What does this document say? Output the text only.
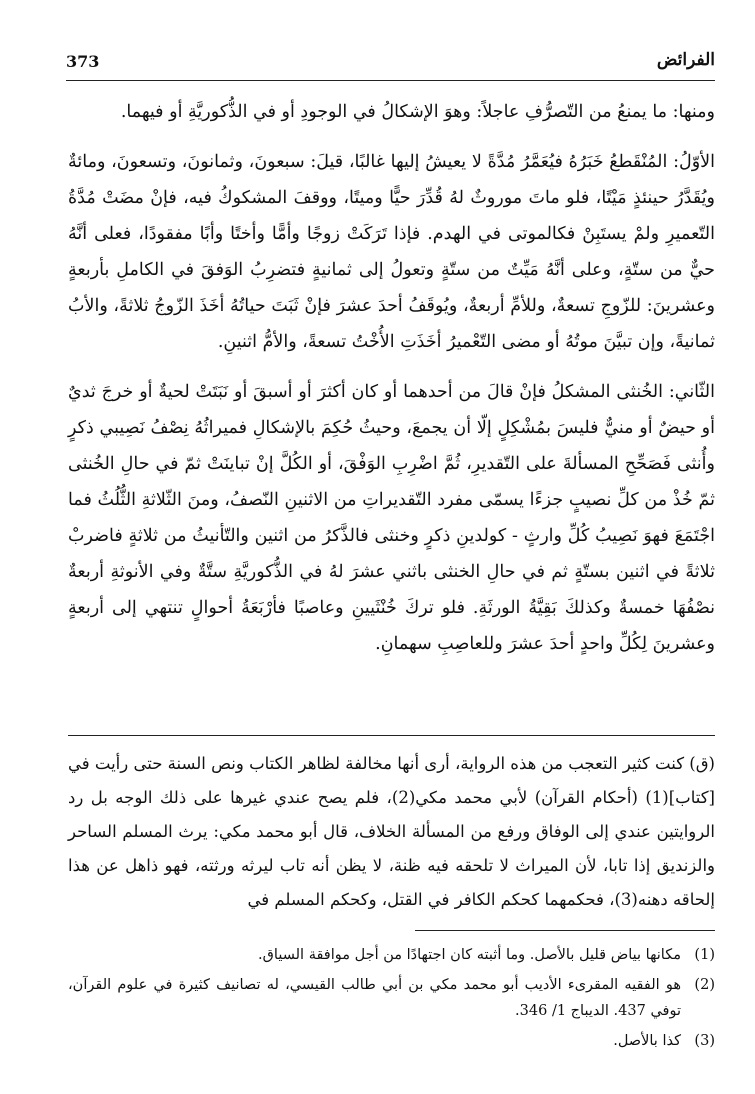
373	الفرائض

ومنها: ما يمنعُ من التّصرُّفِ عاجلاً: وهوَ الإشكالُ في الوجودِ أو في الذُّكوريَّةِ أو فيهما.

الأوّلُ: المُنْقَطعُ خَبَرُهُ فيُعَمَّرُ مُدَّةً لا يعيشُ إليها غالبًا، قيلَ: سبعونَ، وثمانونَ، وتسعونَ، ومائةٌ ويُقَدَّرُ حينئذٍ مَيْتًا، فلو ماتَ موروثٌ لهُ قُدِّرَ حيًّا وميتًا، ووقفَ المشكوكُ فيه، فإنْ مضَتْ مُدَّةُ التّعميرِ ولمْ يستَبِنْ فكالموتى في الهدم. فإذا تَرَكَتْ زوجًا وأمًّا وأختًا وأبًا مفقودًا، فعلى أنَّهُ حيٌّ من ستّةٍ، وعلى أنَّهُ مَيِّتٌ من ستّةٍ وتعولُ إلى ثمانيةٍ فتضرِبُ الوَفقَ في الكاملِ بأربعةٍ وعشرينَ: للزّوجِ تسعةٌ، وللأمِّ أربعةٌ، ويُوقَفُ أحدَ عشرَ فإنْ ثَبَتَ حياتُهُ أخَذَ الزّوجُ ثلاثةً، والأبُ ثمانيةً، وإن تبيَّنَ موتُهُ أو مضى التّعْميرُ أخَذَتِ الأُخْتُ تسعةً، والأمُّ اثنينِ.

الثّاني: الخُنثى المشكلُ فإنْ قالَ من أحدهما أو كان أكثرَ أو أسبقَ أو نَبَتَتْ لحيةٌ أو خرجَ ثديٌ أو حيضٌ أو منيٌّ فليسَ بمُشْكِلٍ إلّا أن يجمعَ، وحيثُ حُكِمَ بالإشكالِ فميراثُهُ نِصْفُ نَصِيبي ذكرٍ وأُنثى فَصَحِّحِ المسألةَ على التّقديرِ، ثُمَّ اضْرِبِ الوَفْقَ، أو الكُلَّ إنْ تباينَتْ ثمّ في حالِ الخُنثى ثمّ خُذْ من كلِّ نصيبٍ جزءًا يسمّى مفرد التّقديراتِ من الاثنينِ النّصفُ، ومنَ الثّلاثةِ الثُّلُثُ فما اجْتَمَعَ فهوَ نَصِيبُ كُلِّ وارثٍ - كولدينِ ذكرٍ وخنثى فالذَّكرُ من اثنين والتّأنيثُ من ثلاثةٍ فاضربْ ثلاثةً في اثنين بستّةٍ ثم في حالِ الخنثى باثني عشرَ لهُ في الذُّكوريَّةِ ستَّةٌ وفي الأنوثةِ أربعةٌ نصْفُهَا خمسةٌ وكذلكَ بَقِيَّةُ الورثَةِ. فلو تركَ خُنْثَيينِ وعاصبًا فأرْبَعَةُ أحوالٍ تنتهي إلى أربعةٍ وعشرينَ لِكُلِّ واحدٍ أحدَ عشرَ وللعاصِبِ سهمانِ.

(ق) كنت كثير التعجب من هذه الرواية، أرى أنها مخالفة لظاهر الكتاب ونص السنة حتى رأيت في [كتاب](1) (أحكام القرآن) لأبي محمد مكي(2)، فلم يصح عندي غيرها على ذلك الوجه بل رد الروايتين عندي إلى الوفاق ورفع من المسألة الخلاف، قال أبو محمد مكي: يرث المسلم الساحر والزنديق إذا تابا، لأن الميراث لا تلحقه فيه ظنة، لا يظن أنه تاب ليرثه ورثته، فهو ذاهل عن هذا إلحاقه دهنه(3)، فحكمهما كحكم الكافر في القتل، وكحكم المسلم في

(1)
مكانها بياض قليل بالأصل. وما أثبته كان اجتهادًا من أجل موافقة السياق.
(2)
هو الفقيه المقرىء الأديب أبو محمد مكي بن أبي طالب القيسي، له تصانيف كثيرة في علوم القرآن، توفي 437. الديباج 1/ 346.
(3)
كذا بالأصل.
